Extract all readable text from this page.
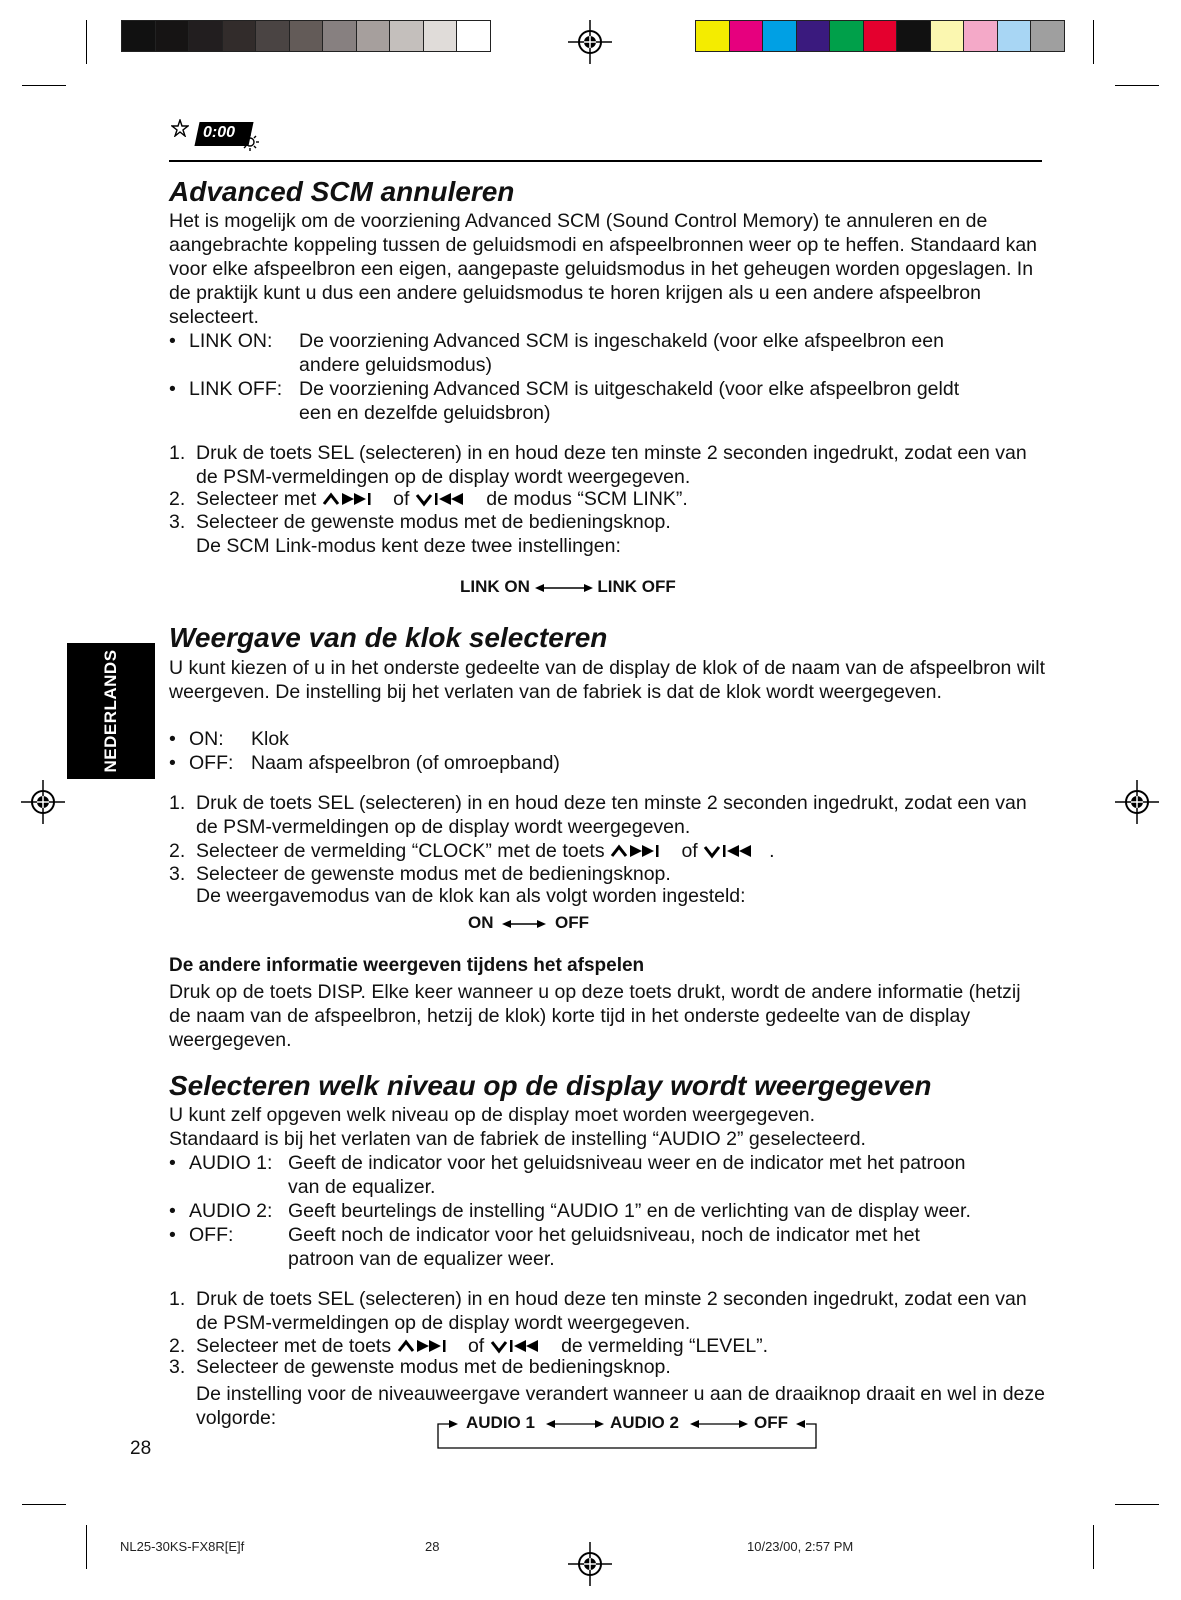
0:00
NEDERLANDS
Advanced SCM annuleren

Het is mogelijk om de voorziening Advanced SCM (Sound Control Memory) te annuleren en de aangebrachte koppeling tussen de geluidsmodi en afspeelbronnen weer op te heffen. Standaard kan voor elke afspeelbron een eigen, aangepaste geluidsmodus in het geheugen worden opgeslagen. In de praktijk kunt u dus een andere geluidsmodus te horen krijgen als u een andere afspeelbron selecteert.

• LINK ON: De voorziening Advanced SCM is ingeschakeld (voor elke afspeelbron een
andere geluidsmodus)
• LINK OFF: De voorziening Advanced SCM is uitgeschakeld (voor elke afspeelbron geldt
een en dezelfde geluidsbron)
1. Druk de toets SEL (selecteren) in en houd deze ten minste 2 seconden ingedrukt, zodat een van de PSM-vermeldingen op de display wordt weergegeven.
2. Selecteer met	of	de modus “SCM LINK”.
3. Selecteer de gewenste modus met de bedieningsknop.
De SCM Link-modus kent deze twee instellingen:
LINK ON	LINK OFF
Weergave van de klok selecteren

U kunt kiezen of u in het onderste gedeelte van de display de klok of de naam van de afspeelbron wilt weergeven. De instelling bij het verlaten van de fabriek is dat de klok wordt weergegeven.

• ON: Klok
• OFF: Naam afspeelbron (of omroepband)
1. Druk de toets SEL (selecteren) in en houd deze ten minste 2 seconden ingedrukt, zodat een van de PSM-vermeldingen op de display wordt weergegeven.
2. Selecteer de vermelding “CLOCK” met de toets	of	.
3. Selecteer de gewenste modus met de bedieningsknop.
De weergavemodus van de klok kan als volgt worden ingesteld:
ON	OFF
De andere informatie weergeven tijdens het afspelen

Druk op de toets DISP. Elke keer wanneer u op deze toets drukt, wordt de andere informatie (hetzij de naam van de afspeelbron, hetzij de klok) korte tijd in het onderste gedeelte van de display weergegeven.

Selecteren welk niveau op de display wordt weergegeven
U kunt zelf opgeven welk niveau op de display moet worden weergegeven.
Standaard is bij het verlaten van de fabriek de instelling “AUDIO 2” geselecteerd.
• AUDIO 1: Geeft de indicator voor het geluidsniveau weer en de indicator met het patroon
van de equalizer.
• AUDIO 2: Geeft beurtelings de instelling “AUDIO 1” en de verlichting van de display weer.
• OFF:	Geeft noch de indicator voor het geluidsniveau, noch de indicator met het
patroon van de equalizer weer.
1. Druk de toets SEL (selecteren) in en houd deze ten minste 2 seconden ingedrukt, zodat een van de PSM-vermeldingen op de display wordt weergegeven.
2. Selecteer met de toets	of	de vermelding “LEVEL”.
3. Selecteer de gewenste modus met de bedieningsknop.
De instelling voor de niveauweergave verandert wanneer u aan de draaiknop draait en wel in deze volgorde:	AUDIO 1	AUDIO 2	OFF
28
NL25-30KS-FX8R[E]f	28	10/23/00, 2:57 PM
